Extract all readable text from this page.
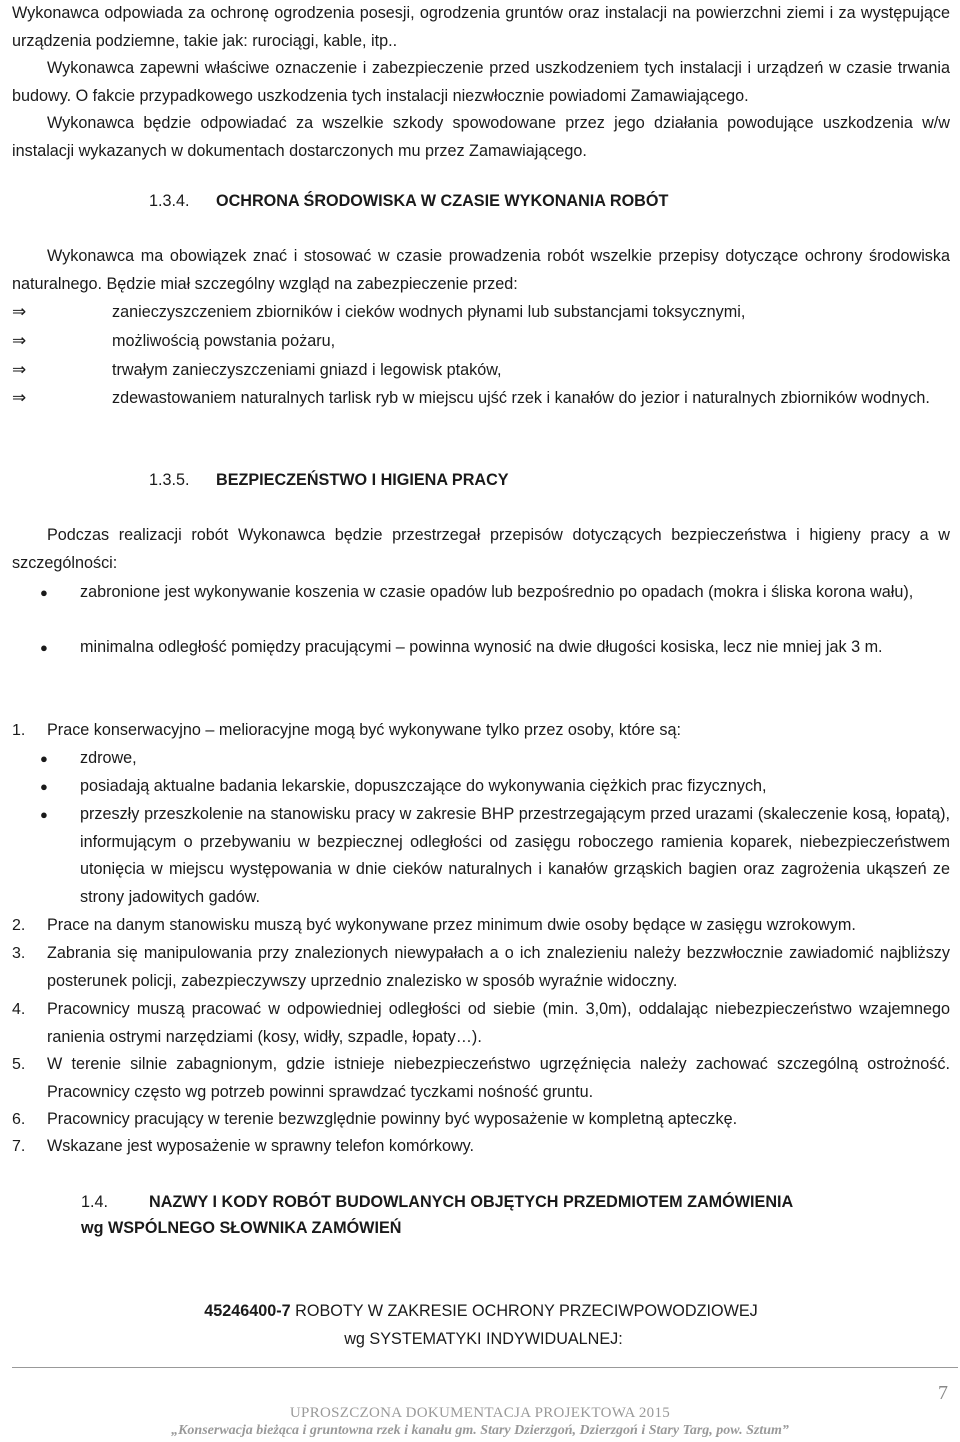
Wykonawca odpowiada za ochronę ogrodzenia posesji, ogrodzenia gruntów oraz instalacji na powierzchni ziemi i za występujące urządzenia podziemne, takie jak: rurociągi, kable, itp..

Wykonawca zapewni właściwe oznaczenie i zabezpieczenie przed uszkodzeniem tych instalacji i urządzeń w czasie trwania budowy. O fakcie przypadkowego uszkodzenia tych instalacji niezwłocznie powiadomi Zamawiającego.

Wykonawca będzie odpowiadać za wszelkie szkody spowodowane przez jego działania powodujące uszkodzenia w/w instalacji wykazanych w dokumentach dostarczonych mu przez Zamawiającego.

1.3.4. OCHRONA ŚRODOWISKA W CZASIE WYKONANIA ROBÓT

Wykonawca ma obowiązek znać i stosować w czasie prowadzenia robót wszelkie przepisy dotyczące ochrony środowiska naturalnego. Będzie miał szczególny wzgląd na zabezpieczenie przed:

⇒	zanieczyszczeniem zbiorników i cieków wodnych płynami lub substancjami toksycznymi,
⇒	możliwością powstania pożaru,
⇒	trwałym zanieczyszczeniami gniazd i legowisk ptaków,
⇒	zdewastowaniem naturalnych tarlisk ryb w miejscu ujść rzek i kanałów do jezior i naturalnych zbiorników wodnych.
1.3.5. BEZPIECZEŃSTWO I HIGIENA PRACY

Podczas realizacji robót Wykonawca będzie przestrzegał przepisów dotyczących bezpieczeństwa i higieny pracy a w szczególności:

● zabronione jest wykonywanie koszenia w czasie opadów lub bezpośrednio po opadach (mokra i śliska korona wału),
● minimalna odległość pomiędzy pracującymi – powinna wynosić na dwie długości kosiska, lecz nie mniej jak 3 m.
1. Prace konserwacyjno – melioracyjne mogą być wykonywane tylko przez osoby, które są:
● zdrowe,
● posiadają aktualne badania lekarskie, dopuszczające do wykonywania ciężkich prac fizycznych,
● przeszły przeszkolenie na stanowisku pracy w zakresie BHP przestrzegającym przed urazami (skaleczenie kosą, łopatą), informującym o przebywaniu w bezpiecznej odległości od zasięgu roboczego ramienia koparek, niebezpieczeństwem utonięcia w miejscu występowania w dnie cieków naturalnych i kanałów grząskich bagien oraz zagrożenia ukąszeń ze strony jadowitych gadów.
2. Prace na danym stanowisku muszą być wykonywane przez minimum dwie osoby będące w zasięgu wzrokowym.
3. Zabrania się manipulowania przy znalezionych niewypałach a o ich znalezieniu należy bezzwłocznie zawiadomić najbliższy posterunek policji, zabezpieczywszy uprzednio znalezisko w sposób wyraźnie widoczny.
4. Pracownicy muszą pracować w odpowiedniej odległości od siebie (min. 3,0m), oddalając niebezpieczeństwo wzajemnego ranienia ostrymi narzędziami (kosy, widły, szpadle, łopaty…).
5. W terenie silnie zabagnionym, gdzie istnieje niebezpieczeństwo ugrzęźnięcia należy zachować szczególną ostrożność. Pracownicy często wg potrzeb powinni sprawdzać tyczkami nośność gruntu.
6. Pracownicy pracujący w terenie bezwzględnie powinny być wyposażenie w kompletną apteczkę.
7. Wskazane jest wyposażenie w sprawny telefon komórkowy.
1.4.	NAZWY I KODY ROBÓT BUDOWLANYCH OBJĘTYCH PRZEDMIOTEM ZAMÓWIENIA
wg WSPÓLNEGO SŁOWNIKA ZAMÓWIEŃ
45246400-7 ROBOTY W ZAKRESIE OCHRONY PRZECIWPOWODZIOWEJ
wg SYSTEMATYKI INDYWIDUALNEJ:
7
UPROSZCZONA DOKUMENTACJA PROJEKTOWA 2015
„Konserwacja bieżąca i gruntowna rzek i kanału gm. Stary Dzierzgoń, Dzierzgoń i Stary Targ, pow. Sztum”
